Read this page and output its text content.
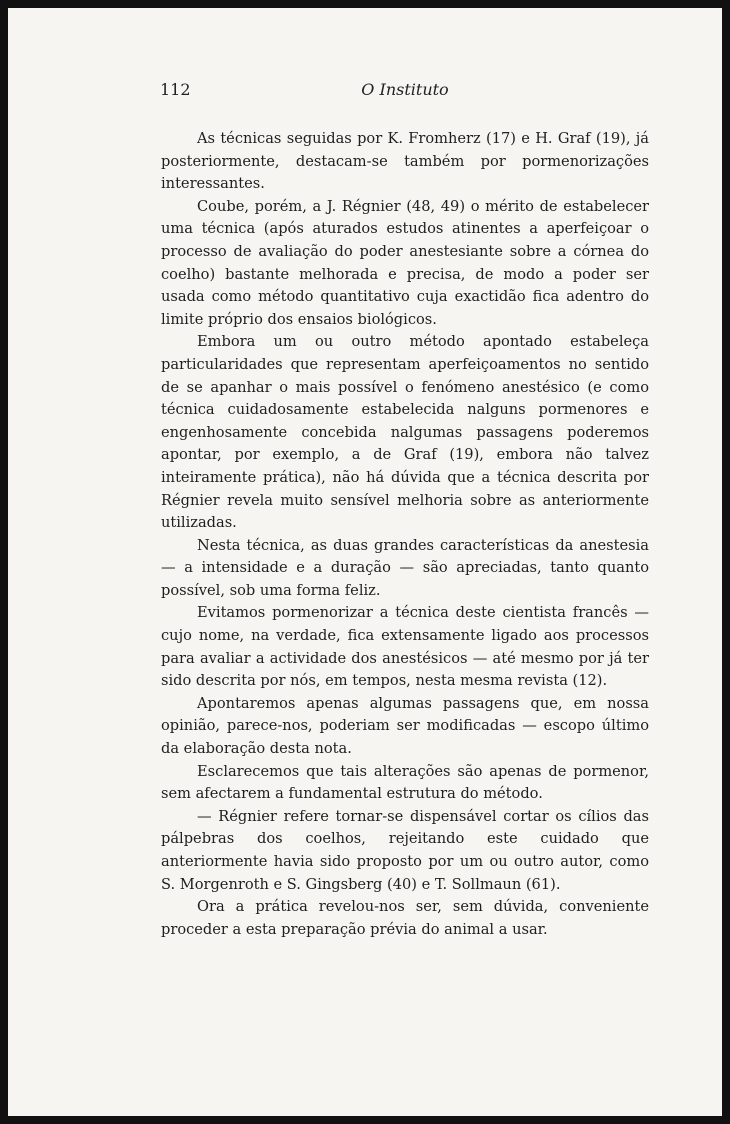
112	O Instituto

As técnicas seguidas por K. Fromherz (17) e H. Graf (19), já posteriormente, destacam-se também por pormenorizações interessantes.

Coube, porém, a J. Régnier (48, 49) o mérito de estabelecer uma técnica (após aturados estudos atinentes a aperfeiçoar o processo de avaliação do poder anestesiante sobre a córnea do coelho) bastante melhorada e precisa, de modo a poder ser usada como método quantitativo cuja exactidão fica adentro do limite próprio dos ensaios biológicos.

Embora um ou outro método apontado estabeleça particularidades que representam aperfeiçoamentos no sentido de se apanhar o mais possível o fenómeno anestésico (e como técnica cuidadosamente estabelecida nalguns pormenores e engenhosamente concebida nalgumas passagens poderemos apontar, por exemplo, a de Graf (19), embora não talvez inteiramente prática), não há dúvida que a técnica descrita por Régnier revela muito sensível melhoria sobre as anteriormente utilizadas.

Nesta técnica, as duas grandes características da anestesia — a intensidade e a duração — são apreciadas, tanto quanto possível, sob uma forma feliz.

Evitamos pormenorizar a técnica deste cientista francês — cujo nome, na verdade, fica extensamente ligado aos processos para avaliar a actividade dos anestésicos — até mesmo por já ter sido descrita por nós, em tempos, nesta mesma revista (12).

Apontaremos apenas algumas passagens que, em nossa opinião, parece-nos, poderiam ser modificadas — escopo último da elaboração desta nota.

Esclarecemos que tais alterações são apenas de pormenor, sem afectarem a fundamental estrutura do método.

— Régnier refere tornar-se dispensável cortar os cílios das pálpebras dos coelhos, rejeitando este cuidado que anteriormente havia sido proposto por um ou outro autor, como S. Morgenroth e S. Gingsberg (40) e T. Sollmaun (61).

Ora a prática revelou-nos ser, sem dúvida, conveniente proceder a esta preparação prévia do animal a usar.
